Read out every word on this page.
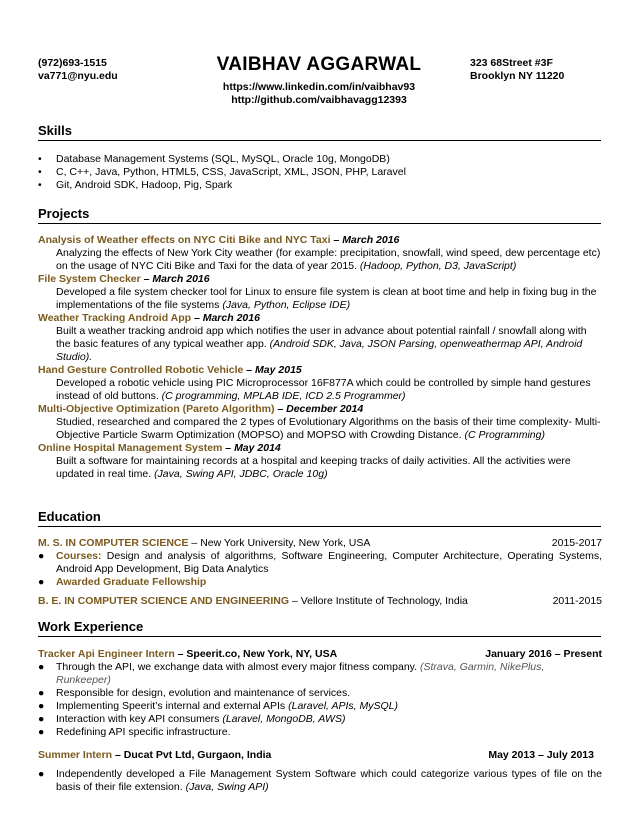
(972)693-1515
va771@nyu.edu
VAIBHAV AGGARWAL
https://www.linkedin.com/in/vaibhav93
http://github.com/vaibhavagg12393
323 68Street #3F
Brooklyn NY 11220
Skills
• Database Management Systems (SQL, MySQL, Oracle 10g, MongoDB)
• C, C++, Java, Python, HTML5, CSS, JavaScript, XML, JSON, PHP, Laravel
• Git, Android SDK, Hadoop, Pig, Spark
Projects
Analysis of Weather effects on NYC Citi Bike and NYC Taxi – March 2016
Analyzing the effects of New York City weather (for example: precipitation, snowfall, wind speed, dew percentage etc) on the usage of NYC Citi Bike and Taxi for the data of year 2015. (Hadoop, Python, D3, JavaScript)
File System Checker – March 2016
Developed a file system checker tool for Linux to ensure file system is clean at boot time and help in fixing bug in the implementations of the file systems (Java, Python, Eclipse IDE)
Weather Tracking Android App – March 2016
Built a weather tracking android app which notifies the user in advance about potential rainfall / snowfall along with the basic features of any typical weather app. (Android SDK, Java, JSON Parsing, openweathermap API, Android Studio).
Hand Gesture Controlled Robotic Vehicle – May 2015
Developed a robotic vehicle using PIC Microprocessor 16F877A which could be controlled by simple hand gestures instead of old buttons. (C programming, MPLAB IDE, ICD 2.5 Programmer)
Multi-Objective Optimization (Pareto Algorithm) – December 2014
Studied, researched and compared the 2 types of Evolutionary Algorithms on the basis of their time complexity- Multi-Objective Particle Swarm Optimization (MOPSO) and MOPSO with Crowding Distance. (C Programming)
Online Hospital Management System – May 2014
Built a software for maintaining records at a hospital and keeping tracks of daily activities. All the activities were updated in real time. (Java, Swing API, JDBC, Oracle 10g)
Education
M. S. IN COMPUTER SCIENCE – New York University, New York, USA	2015-2017
● Courses: Design and analysis of algorithms, Software Engineering, Computer Architecture, Operating Systems, Android App Development, Big Data Analytics
● Awarded Graduate Fellowship
B. E. IN COMPUTER SCIENCE AND ENGINEERING – Vellore Institute of Technology, India	2011-2015
Work Experience
Tracker Api Engineer Intern – Speerit.co, New York, NY, USA	January 2016 – Present
● Through the API, we exchange data with almost every major fitness company. (Strava, Garmin, NikePlus, Runkeeper)
● Responsible for design, evolution and maintenance of services.
● Implementing Speerit’s internal and external APIs (Laravel, APIs, MySQL)
● Interaction with key API consumers (Laravel, MongoDB, AWS)
● Redefining API specific infrastructure.
Summer Intern – Ducat Pvt Ltd, Gurgaon, India	May 2013 – July 2013
● Independently developed a File Management System Software which could categorize various types of file on the basis of their file extension. (Java, Swing API)
